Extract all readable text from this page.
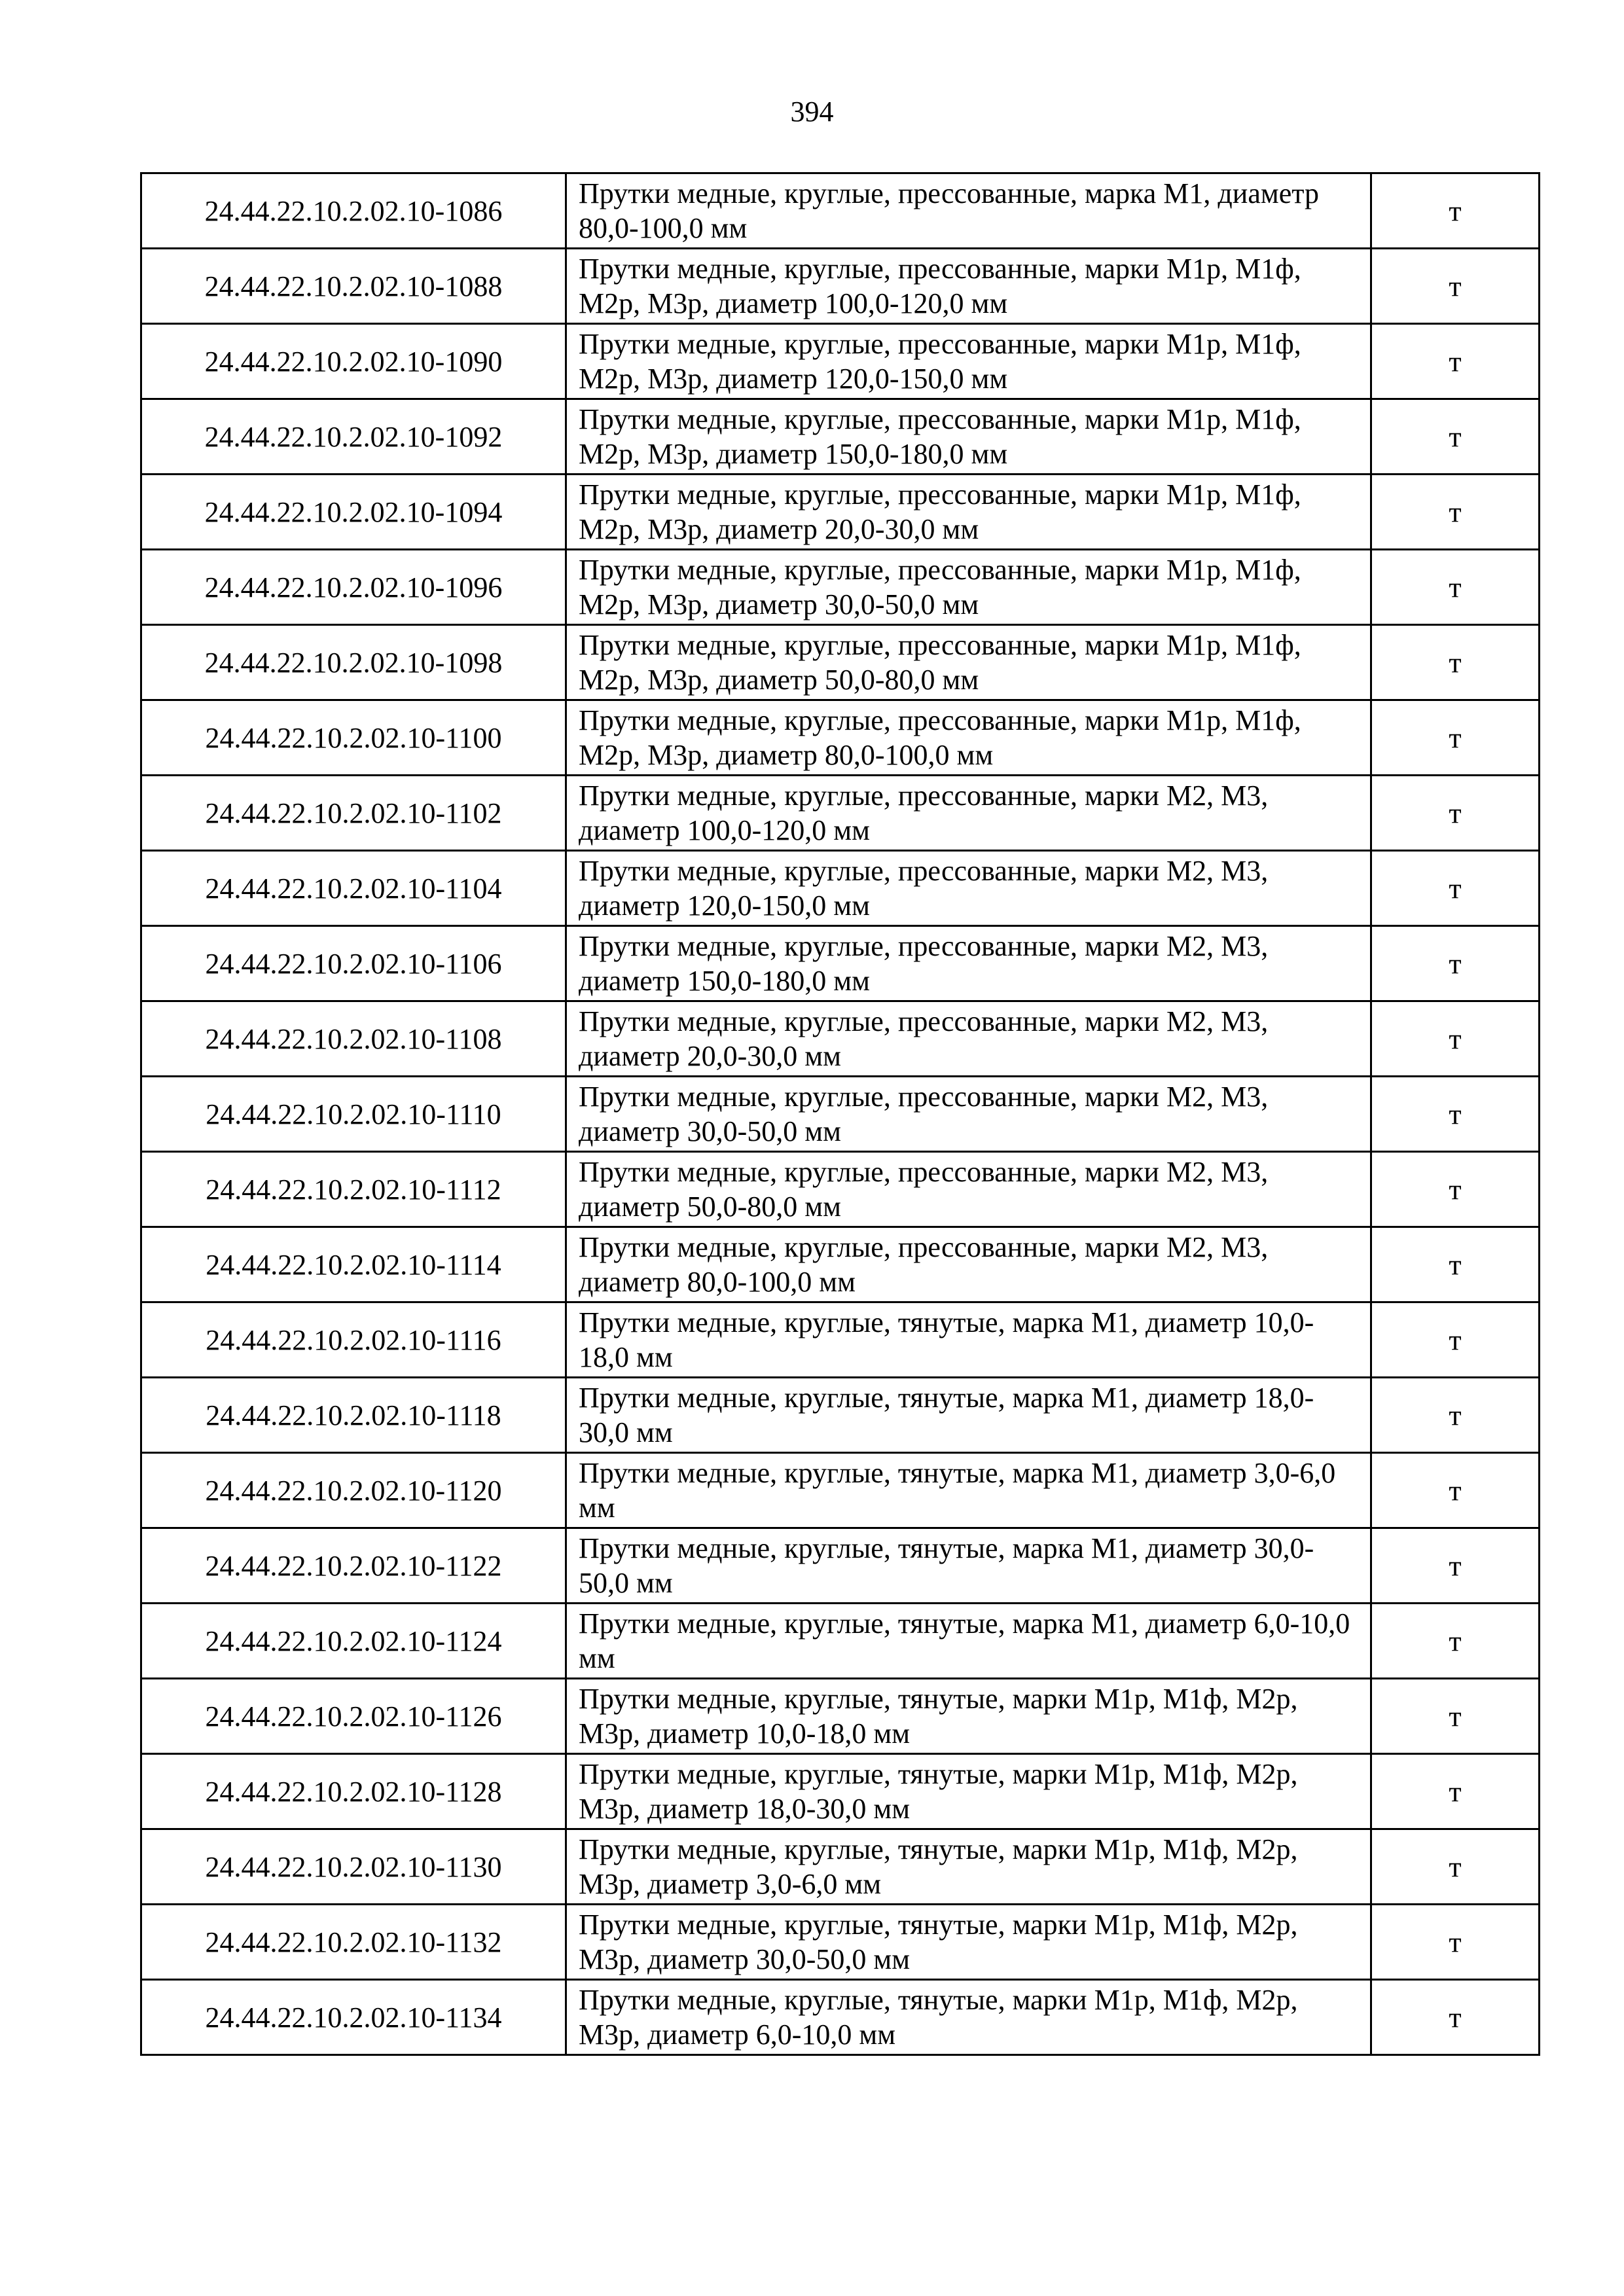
394
24.44.22.10.2.02.10-1086	Прутки медные, круглые, прессованные, марка М1, диаметр 80,0-100,0 мм	т
24.44.22.10.2.02.10-1088	Прутки медные, круглые, прессованные, марки М1р, М1ф, М2р, М3р, диаметр 100,0-120,0 мм	т
24.44.22.10.2.02.10-1090	Прутки медные, круглые, прессованные, марки М1р, М1ф, М2р, М3р, диаметр 120,0-150,0 мм	т
24.44.22.10.2.02.10-1092	Прутки медные, круглые, прессованные, марки М1р, М1ф, М2р, М3р, диаметр 150,0-180,0 мм	т
24.44.22.10.2.02.10-1094	Прутки медные, круглые, прессованные, марки М1р, М1ф, М2р, М3р, диаметр 20,0-30,0 мм	т
24.44.22.10.2.02.10-1096	Прутки медные, круглые, прессованные, марки М1р, М1ф, М2р, М3р, диаметр 30,0-50,0 мм	т
24.44.22.10.2.02.10-1098	Прутки медные, круглые, прессованные, марки М1р, М1ф, М2р, М3р, диаметр 50,0-80,0 мм	т
24.44.22.10.2.02.10-1100	Прутки медные, круглые, прессованные, марки М1р, М1ф, М2р, М3р, диаметр 80,0-100,0 мм	т
24.44.22.10.2.02.10-1102	Прутки медные, круглые, прессованные, марки М2, М3, диаметр 100,0-120,0 мм	т
24.44.22.10.2.02.10-1104	Прутки медные, круглые, прессованные, марки М2, М3, диаметр 120,0-150,0 мм	т
24.44.22.10.2.02.10-1106	Прутки медные, круглые, прессованные, марки М2, М3, диаметр 150,0-180,0 мм	т
24.44.22.10.2.02.10-1108	Прутки медные, круглые, прессованные, марки М2, М3, диаметр 20,0-30,0 мм	т
24.44.22.10.2.02.10-1110	Прутки медные, круглые, прессованные, марки М2, М3, диаметр 30,0-50,0 мм	т
24.44.22.10.2.02.10-1112	Прутки медные, круглые, прессованные, марки М2, М3, диаметр 50,0-80,0 мм	т
24.44.22.10.2.02.10-1114	Прутки медные, круглые, прессованные, марки М2, М3, диаметр 80,0-100,0 мм	т
24.44.22.10.2.02.10-1116	Прутки медные, круглые, тянутые, марка М1, диаметр 10,0-18,0 мм	т
24.44.22.10.2.02.10-1118	Прутки медные, круглые, тянутые, марка М1, диаметр 18,0-30,0 мм	т
24.44.22.10.2.02.10-1120	Прутки медные, круглые, тянутые, марка М1, диаметр 3,0-6,0 мм	т
24.44.22.10.2.02.10-1122	Прутки медные, круглые, тянутые, марка М1, диаметр 30,0-50,0 мм	т
24.44.22.10.2.02.10-1124	Прутки медные, круглые, тянутые, марка М1, диаметр 6,0-10,0 мм	т
24.44.22.10.2.02.10-1126	Прутки медные, круглые, тянутые, марки М1р, М1ф, М2р, М3р, диаметр 10,0-18,0 мм	т
24.44.22.10.2.02.10-1128	Прутки медные, круглые, тянутые, марки М1р, М1ф, М2р, М3р, диаметр 18,0-30,0 мм	т
24.44.22.10.2.02.10-1130	Прутки медные, круглые, тянутые, марки М1р, М1ф, М2р, М3р, диаметр 3,0-6,0 мм	т
24.44.22.10.2.02.10-1132	Прутки медные, круглые, тянутые, марки М1р, М1ф, М2р, М3р, диаметр 30,0-50,0 мм	т
24.44.22.10.2.02.10-1134	Прутки медные, круглые, тянутые, марки М1р, М1ф, М2р, М3р, диаметр 6,0-10,0 мм	т
